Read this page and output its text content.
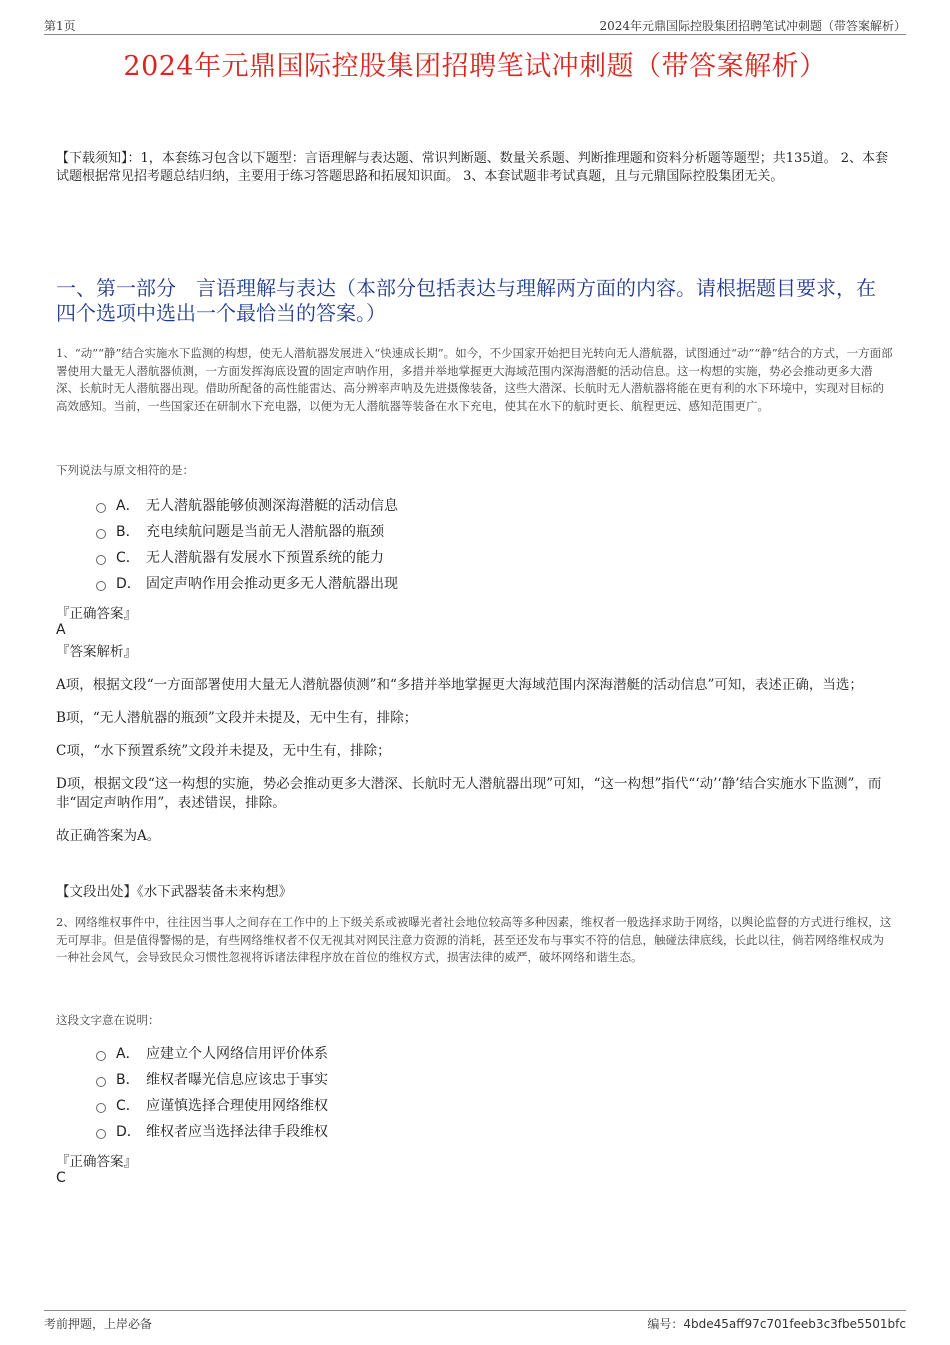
第1页	2024年元鼎国际控股集团招聘笔试冲刺题（带答案解析）
2024年元鼎国际控股集团招聘笔试冲刺题（带答案解析）
【下载须知】：1，本套练习包含以下题型：言语理解与表达题、常识判断题、数量关系题、判断推理题和资料分析题等题型；共135道。 2、本套试题根据常见招考题总结归纳，主要用于练习答题思路和拓展知识面。 3、本套试题非考试真题，且与元鼎国际控股集团无关。
一、第一部分　言语理解与表达（本部分包括表达与理解两方面的内容。请根据题目要求，在四个选项中选出一个最恰当的答案。）

1、“动”“静”结合实施水下监测的构想，使无人潜航器发展进入“快速成长期”。如今，不少国家开始把目光转向无人潜航器，试图通过“动”“静”结合的方式，一方面部署使用大量无人潜航器侦测，一方面发挥海底设置的固定声呐作用，多措并举地掌握更大海域范围内深海潜艇的活动信息。这一构想的实施，势必会推动更多大潜深、长航时无人潜航器出现。借助所配备的高性能雷达、高分辨率声呐及先进摄像装备，这些大潜深、长航时无人潜航器将能在更有利的水下环境中，实现对目标的高效感知。当前，一些国家还在研制水下充电器，以便为无人潜航器等装备在水下充电，使其在水下的航时更长、航程更远、感知范围更广。

下列说法与原文相符的是：

A． 无人潜航器能够侦测深海潜艇的活动信息
B． 充电续航问题是当前无人潜航器的瓶颈
C． 无人潜航器有发展水下预置系统的能力
D． 固定声呐作用会推动更多无人潜航器出现
『正确答案』
A
『答案解析』

A项，根据文段“一方面部署使用大量无人潜航器侦测”和“多措并举地掌握更大海域范围内深海潜艇的活动信息”可知，表述正确，当选；

B项，“无人潜航器的瓶颈”文段并未提及，无中生有，排除；

C项，“水下预置系统”文段并未提及，无中生有，排除；

D项，根据文段“这一构想的实施，势必会推动更多大潜深、长航时无人潜航器出现”可知，“这一构想”指代“‘动’‘静’结合实施水下监测”，而非“固定声呐作用”，表述错误，排除。

故正确答案为A。

【文段出处】《水下武器装备未来构想》

2、网络维权事件中，往往因当事人之间存在工作中的上下级关系或被曝光者社会地位较高等多种因素，维权者一般选择求助于网络，以舆论监督的方式进行维权，这无可厚非。但是值得警惕的是，有些网络维权者不仅无视其对网民注意力资源的消耗，甚至还发布与事实不符的信息，触碰法律底线，长此以往，倘若网络维权成为一种社会风气，会导致民众习惯性忽视将诉诸法律程序放在首位的维权方式，损害法律的威严，破坏网络和谐生态。

这段文字意在说明：

A． 应建立个人网络信用评价体系
B． 维权者曝光信息应该忠于事实
C． 应谨慎选择合理使用网络维权
D． 维权者应当选择法律手段维权
『正确答案』
C
考前押题，上岸必备	编号：4bde45aff97c701feeb3c3fbe5501bfc
